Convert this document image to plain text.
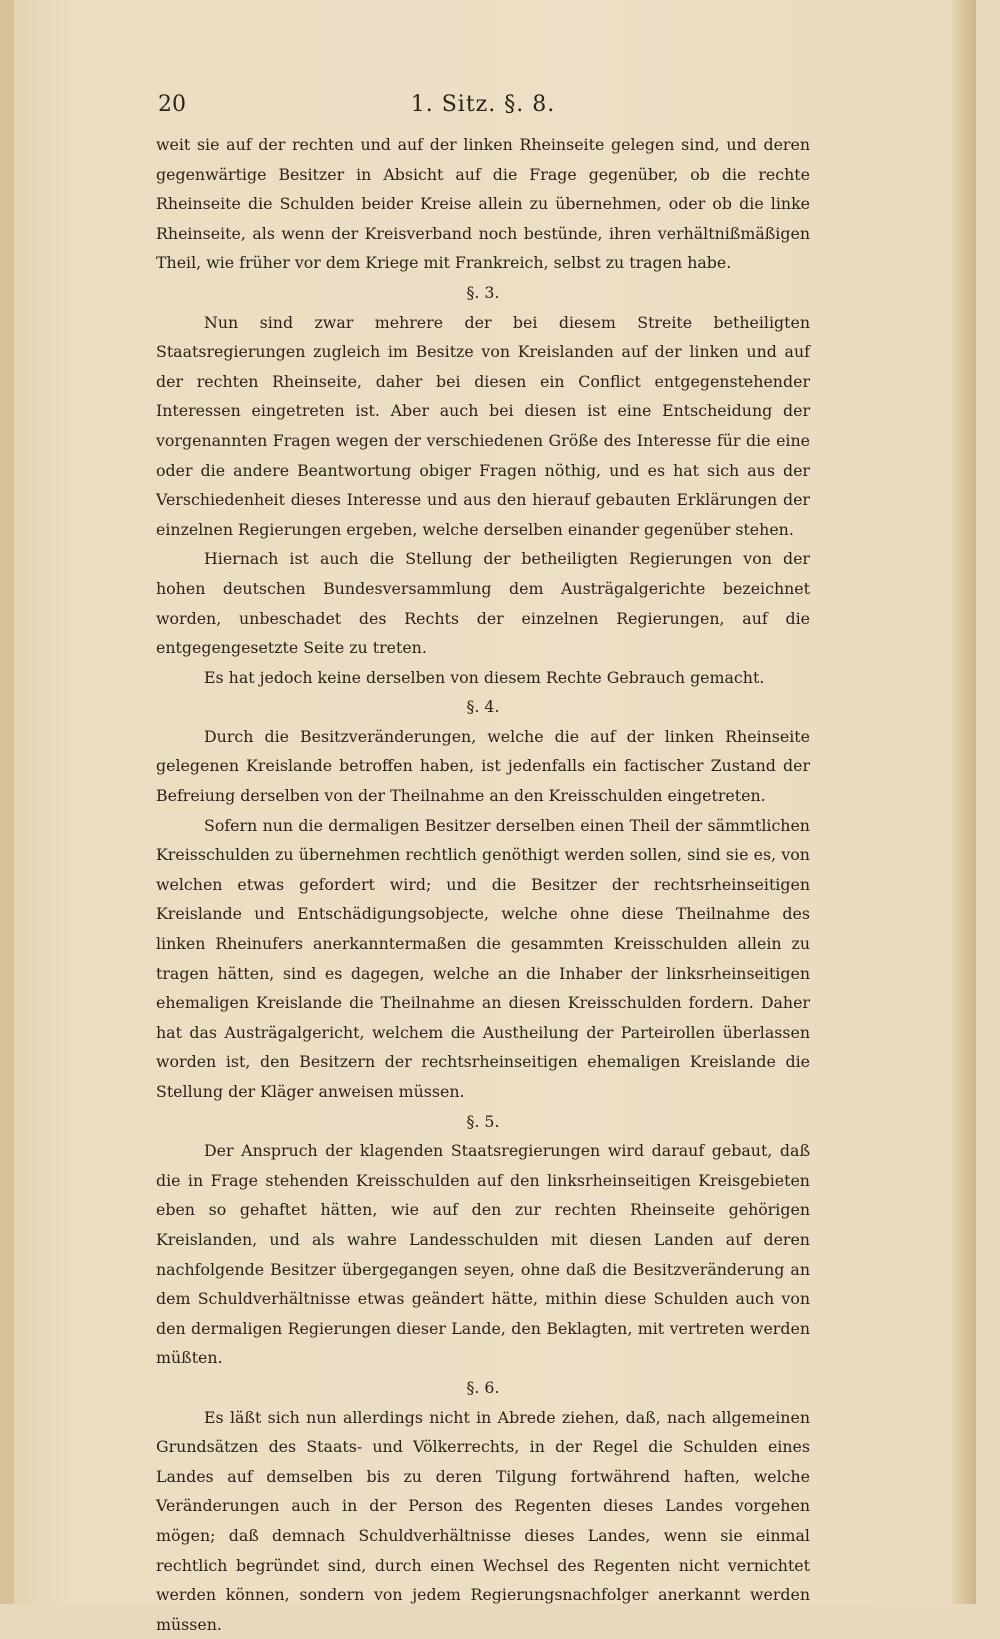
20	1. Sitz. §. 8.

weit sie auf der rechten und auf der linken Rheinseite gelegen sind, und deren gegenwärtige Besitzer in Absicht auf die Frage gegenüber, ob die rechte Rheinseite die Schulden beider Kreise allein zu übernehmen, oder ob die linke Rheinseite, als wenn der Kreisverband noch bestünde, ihren verhältnißmäßigen Theil, wie früher vor dem Kriege mit Frankreich, selbst zu tragen habe.

§. 3.

Nun sind zwar mehrere der bei diesem Streite betheiligten Staatsregierungen zugleich im Besitze von Kreislanden auf der linken und auf der rechten Rheinseite, daher bei diesen ein Conflict entgegenstehender Interessen eingetreten ist. Aber auch bei diesen ist eine Entscheidung der vorgenannten Fragen wegen der verschiedenen Größe des Interesse für die eine oder die andere Beantwortung obiger Fragen nöthig, und es hat sich aus der Verschiedenheit dieses Interesse und aus den hierauf gebauten Erklärungen der einzelnen Regierungen ergeben, welche derselben einander gegenüber stehen.

Hiernach ist auch die Stellung der betheiligten Regierungen von der hohen deutschen Bundesversammlung dem Austrägalgerichte bezeichnet worden, unbeschadet des Rechts der einzelnen Regierungen, auf die entgegengesetzte Seite zu treten.

Es hat jedoch keine derselben von diesem Rechte Gebrauch gemacht.

§. 4.

Durch die Besitzveränderungen, welche die auf der linken Rheinseite gelegenen Kreislande betroffen haben, ist jedenfalls ein factischer Zustand der Befreiung derselben von der Theilnahme an den Kreisschulden eingetreten.

Sofern nun die dermaligen Besitzer derselben einen Theil der sämmtlichen Kreisschulden zu übernehmen rechtlich genöthigt werden sollen, sind sie es, von welchen etwas gefordert wird; und die Besitzer der rechtsrheinseitigen Kreislande und Entschädigungsobjecte, welche ohne diese Theilnahme des linken Rheinufers anerkanntermaßen die gesammten Kreisschulden allein zu tragen hätten, sind es dagegen, welche an die Inhaber der linksrheinseitigen ehemaligen Kreislande die Theilnahme an diesen Kreisschulden fordern. Daher hat das Austrägalgericht, welchem die Austheilung der Parteirollen überlassen worden ist, den Besitzern der rechtsrheinseitigen ehemaligen Kreislande die Stellung der Kläger anweisen müssen.

§. 5.

Der Anspruch der klagenden Staatsregierungen wird darauf gebaut, daß die in Frage stehenden Kreisschulden auf den linksrheinseitigen Kreisgebieten eben so gehaftet hätten, wie auf den zur rechten Rheinseite gehörigen Kreislanden, und als wahre Landesschulden mit diesen Landen auf deren nachfolgende Besitzer übergegangen seyen, ohne daß die Besitzveränderung an dem Schuldverhältnisse etwas geändert hätte, mithin diese Schulden auch von den dermaligen Regierungen dieser Lande, den Beklagten, mit vertreten werden müßten.

§. 6.

Es läßt sich nun allerdings nicht in Abrede ziehen, daß, nach allgemeinen Grundsätzen des Staats- und Völkerrechts, in der Regel die Schulden eines Landes auf demselben bis zu deren Tilgung fortwährend haften, welche Veränderungen auch in der Person des Regenten dieses Landes vorgehen mögen; daß demnach Schuldverhältnisse dieses Landes, wenn sie einmal rechtlich begründet sind, durch einen Wechsel des Regenten nicht vernichtet werden können, sondern von jedem Regierungsnachfolger anerkannt werden müssen.
